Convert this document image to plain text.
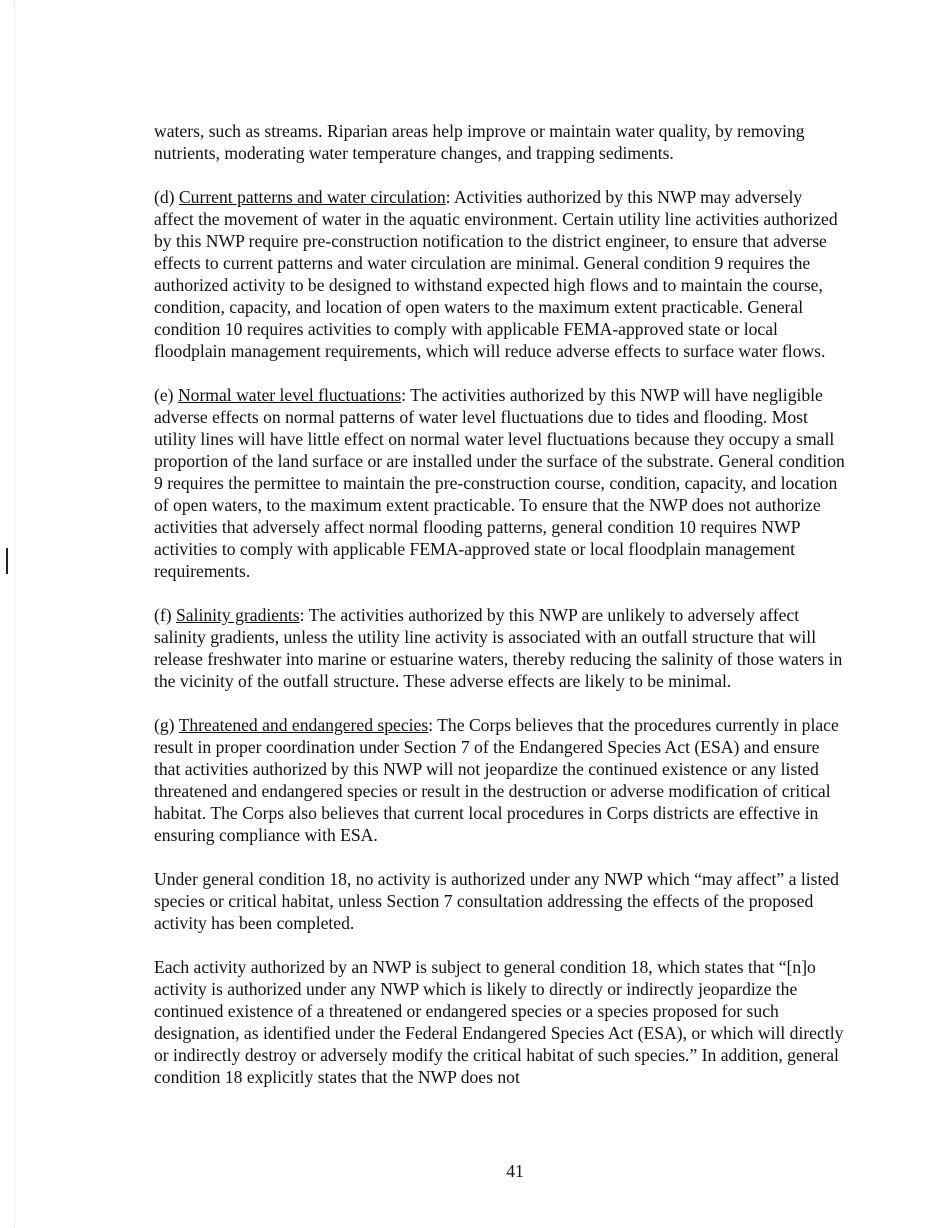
waters, such as streams. Riparian areas help improve or maintain water quality, by removing nutrients, moderating water temperature changes, and trapping sediments.

(d) Current patterns and water circulation: Activities authorized by this NWP may adversely affect the movement of water in the aquatic environment. Certain utility line activities authorized by this NWP require pre-construction notification to the district engineer, to ensure that adverse effects to current patterns and water circulation are minimal. General condition 9 requires the authorized activity to be designed to withstand expected high flows and to maintain the course, condition, capacity, and location of open waters to the maximum extent practicable. General condition 10 requires activities to comply with applicable FEMA-approved state or local floodplain management requirements, which will reduce adverse effects to surface water flows.

(e) Normal water level fluctuations: The activities authorized by this NWP will have negligible adverse effects on normal patterns of water level fluctuations due to tides and flooding. Most utility lines will have little effect on normal water level fluctuations because they occupy a small proportion of the land surface or are installed under the surface of the substrate. General condition 9 requires the permittee to maintain the pre-construction course, condition, capacity, and location of open waters, to the maximum extent practicable. To ensure that the NWP does not authorize activities that adversely affect normal flooding patterns, general condition 10 requires NWP activities to comply with applicable FEMA-approved state or local floodplain management requirements.

(f) Salinity gradients: The activities authorized by this NWP are unlikely to adversely affect salinity gradients, unless the utility line activity is associated with an outfall structure that will release freshwater into marine or estuarine waters, thereby reducing the salinity of those waters in the vicinity of the outfall structure. These adverse effects are likely to be minimal.

(g) Threatened and endangered species: The Corps believes that the procedures currently in place result in proper coordination under Section 7 of the Endangered Species Act (ESA) and ensure that activities authorized by this NWP will not jeopardize the continued existence or any listed threatened and endangered species or result in the destruction or adverse modification of critical habitat. The Corps also believes that current local procedures in Corps districts are effective in ensuring compliance with ESA.

Under general condition 18, no activity is authorized under any NWP which “may affect” a listed species or critical habitat, unless Section 7 consultation addressing the effects of the proposed activity has been completed.

Each activity authorized by an NWP is subject to general condition 18, which states that “[n]o activity is authorized under any NWP which is likely to directly or indirectly jeopardize the continued existence of a threatened or endangered species or a species proposed for such designation, as identified under the Federal Endangered Species Act (ESA), or which will directly or indirectly destroy or adversely modify the critical habitat of such species.” In addition, general condition 18 explicitly states that the NWP does not

41
